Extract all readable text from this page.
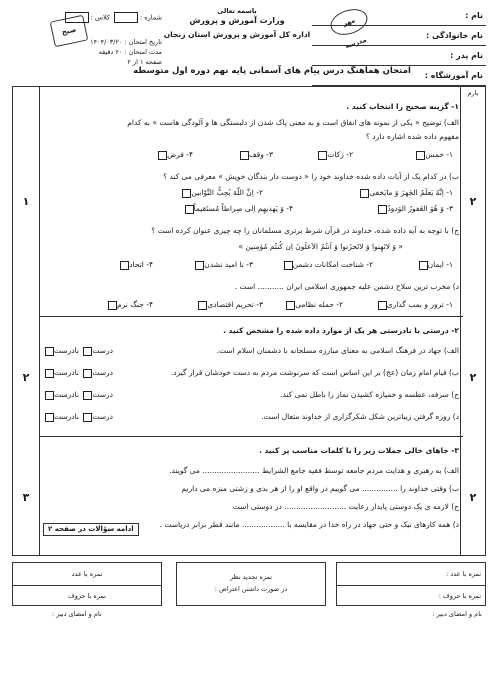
نام :
نام خانوادگی :
نام پدر :
نام آموزشگاه :
باسمه تعالی
وزارت آموزش و پرورش
اداره کل آموزش و پرورش استان زنجان
مهر مدرسه
شماره : کلاس :
تاریخ امتحان : ۱۴۰۴/۰۳/۲۰
مدت امتحان : ۶۰ دقیقه
صفحه ۱ از ۲
صبح
امتحان هماهنگ درس پیام های آسمانی پایه نهم دوره اول متوسطه
بارم
۱- گزینه صحیح را انتخاب کنید .
الف) توضیح « یکی از نمونه های انفاق است و به معنی پاک شدن از دلبستگی ها و آلودگی هاست » به کدام
مفهوم داده شده اشاره دارد ؟
۱- خمس
۲- زکات
۳- وقف
۴- فرض
ب) در کدام یک از آیات داده شده خداوند خود را « دوست دار بندگان خویش » معرفی می کند ؟
۱- اِنَّهُ یَعلَمُ الجَهرَ وَ مایَخفی
۲- اِنَّ اللّهَ یُحِبُّ التَّوّابین
۳- وَ هُوَ الغَفورُ الوَدودُ
۴- وَ یَهدیهِم اِلی صِراطاً مُستَقیماً
ج) با توجه به آیه داده شده، خداوند در قرآن شرط برتری مسلمانان را چه چیزی عنوان کرده است ؟
« وَ لاتَهِنوا وَ لاتَحزَنوا وَ اَنتُمُ الاَعلَونَ اِن کُنتُم مُؤمِنین »
۱- ایمان
۲- شناخت امکانات دشمن
۳- نا امید نشدن
۴- اتحاد
د) مخرب ترین سلاح دشمن علیه جمهوری اسلامی ایران ........... است .
۱- ترور و بمب گذاری
۲- حمله نظامی
۳- تحریم اقتصادی
۴- جنگ نرم
۱	۲
۲- درستی یا نادرستی هر یک از موارد داده شده را مشخص کنید .
الف) جهاد در فرهنگ اسلامی به معنای مبارزه مسلحانه با دشمنان اسلام است.
ب) قیام امام زمان (عج) بر این اساس است که سرنوشت مردم به دست خودشان قرار گیرد.
ج) سرفه، عطسه و خمیازه کشیدن نماز را باطل نمی کند.
د) روزه گرفتن زیباترین شکل شکرگزاری از خداوند متعال است.
درست نادرست
درست نادرست
درست نادرست
درست نادرست
۲	۲
۳- جاهای خالی جملات زیر را با کلمات مناسب پر کنید .
الف) به رهبری و هدایت مردم جامعه توسط فقیه جامع الشرایط ........................ می گویند.
ب) وقتی خداوند را ............... می گوییم در واقع او را از هر بدی و زشتی منزه می داریم
ج) لازمه ی یک دوستی پایدار رعایت .......................... در دوستی است
د) همه کارهای نیک و حتی جهاد در راه خدا در مقایسه با .................. مانند قطر برابر دریاست .
۳	۲
ادامه سؤالات در صفحه ۲
نمره با عدد :
نمره با حروف :
نام و امضای دبیر :
نمره تجدید نظر
در صورت داشتن اعتراض :
نمره با عدد
نمره با حروف
نام و امضای دبیر :
